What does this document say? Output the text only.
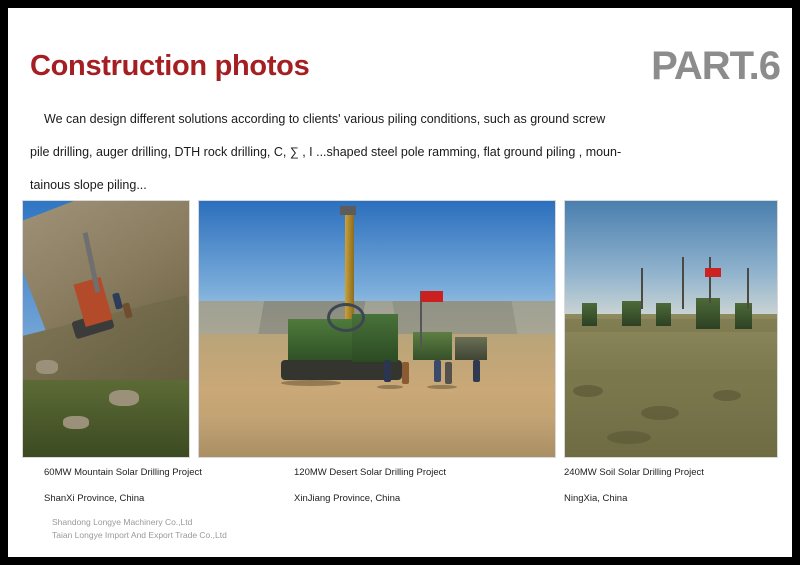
Construction photos	PART.6
We can design different solutions according to clients' various piling conditions, such as ground screw
pile drilling, auger drilling, DTH rock drilling, C, ∑ , I ...shaped steel pole ramming, flat ground piling , moun-
tainous slope piling...
60MW Mountain Solar Drilling Project
ShanXi Province, China
120MW Desert Solar Drilling Project
XinJiang Province, China
240MW Soil Solar Drilling Project
NingXia, China
Shandong Longye Machinery Co.,Ltd
Taian Longye Import And Export Trade Co.,Ltd
